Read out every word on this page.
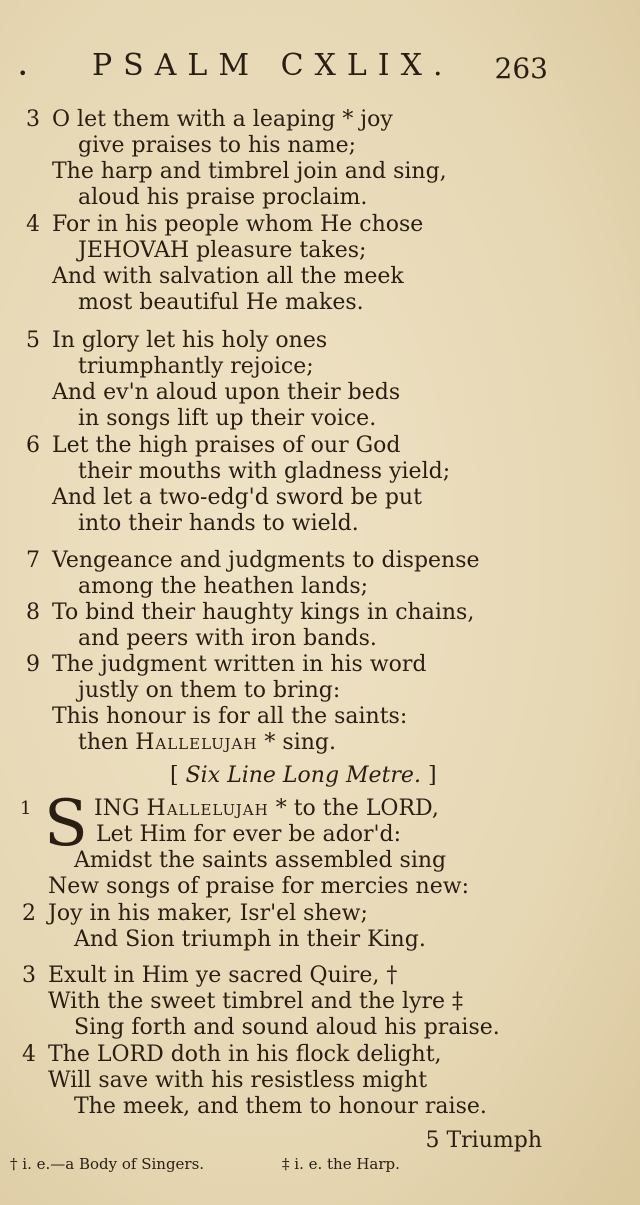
• PSALM CXLIX. 263
3 O let them with a leaping * joy
give praises to his name;
The harp and timbrel join and sing,
aloud his praise proclaim.
4 For in his people whom He chose
JEHOVAH pleasure takes;
And with salvation all the meek
most beautiful He makes.
5 In glory let his holy ones
triumphantly rejoice;
And ev'n aloud upon their beds
in songs lift up their voice.
6 Let the high praises of our God
their mouths with gladness yield;
And let a two-edg'd sword be put
into their hands to wield.
7 Vengeance and judgments to dispense
among the heathen lands;
8 To bind their haughty kings in chains,
and peers with iron bands.
9 The judgment written in his word
justly on them to bring:
This honour is for all the saints:
then Hallelujah * sing.
[ Six Line Long Metre. ]
1 S ING Hallelujah * to the LORD,
Let Him for ever be ador'd:
Amidst the saints assembled sing
New songs of praise for mercies new:
2 Joy in his maker, Isr'el shew;
And Sion triumph in their King.
3 Exult in Him ye sacred Quire, †
With the sweet timbrel and the lyre ‡
Sing forth and sound aloud his praise.
4 The LORD doth in his flock delight,
Will save with his resistless might
The meek, and them to honour raise.
5 Triumph
† i. e.—a Body of Singers.	‡ i. e. the Harp.
